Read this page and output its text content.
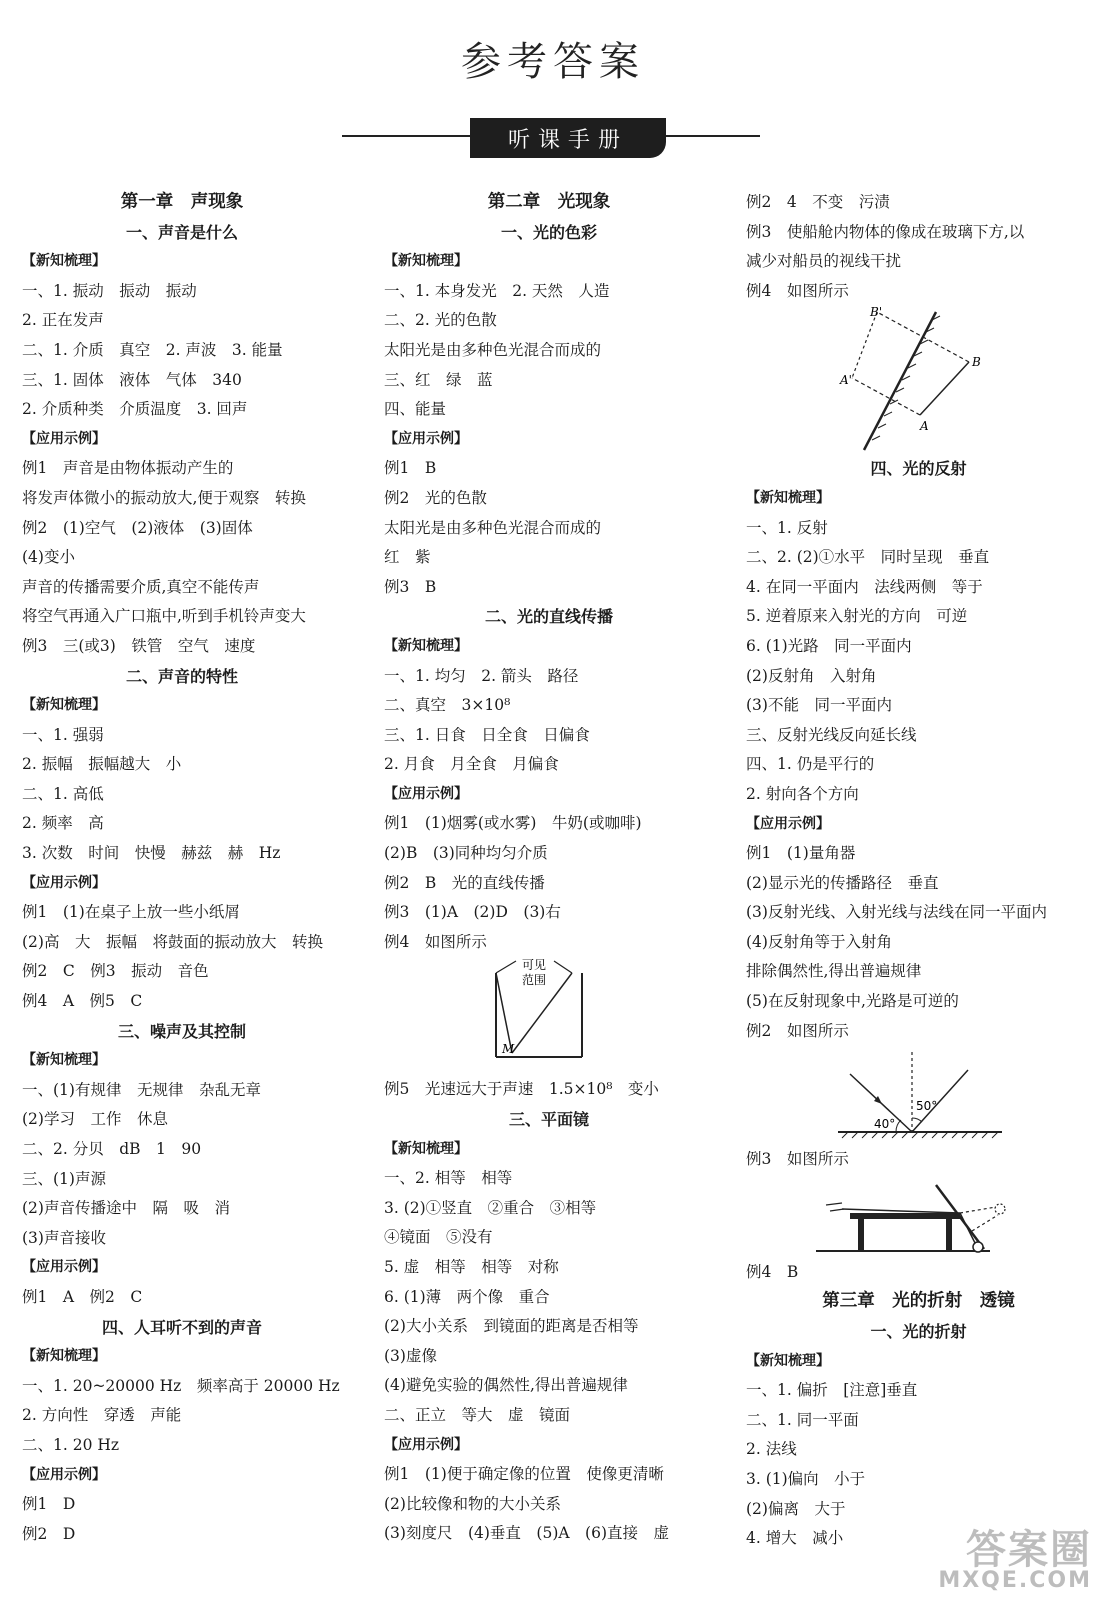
参考答案
听课手册
第一章　声现象
一、声音是什么
【新知梳理】
一、1. 振动　振动　振动
2. 正在发声
二、1. 介质　真空　2. 声波　3. 能量
三、1. 固体　液体　气体　340
2. 介质种类　介质温度　3. 回声
【应用示例】
例1　声音是由物体振动产生的
将发声体微小的振动放大,便于观察　转换
例2　(1)空气　(2)液体　(3)固体
(4)变小
声音的传播需要介质,真空不能传声
将空气再通入广口瓶中,听到手机铃声变大
例3　三(或3)　铁管　空气　速度
二、声音的特性
【新知梳理】
一、1. 强弱
2. 振幅　振幅越大　小
二、1. 高低
2. 频率　高
3. 次数　时间　快慢　赫兹　赫　Hz
【应用示例】
例1　(1)在桌子上放一些小纸屑
(2)高　大　振幅　将鼓面的振动放大　转换
例2　C　例3　振动　音色
例4　A　例5　C
三、噪声及其控制
【新知梳理】
一、(1)有规律　无规律　杂乱无章
(2)学习　工作　休息
二、2. 分贝　dB　1　90
三、(1)声源
(2)声音传播途中　隔　吸　消
(3)声音接收
【应用示例】
例1　A　例2　C
四、人耳听不到的声音
【新知梳理】
一、1. 20~20000 Hz　频率高于 20000 Hz
2. 方向性　穿透　声能
二、1. 20 Hz
【应用示例】
例1　D
例2　D
第二章　光现象
一、光的色彩
【新知梳理】
一、1. 本身发光　2. 天然　人造
二、2. 光的色散
太阳光是由多种色光混合而成的
三、红　绿　蓝
四、能量
【应用示例】
例1　B
例2　光的色散
太阳光是由多种色光混合而成的
红　紫
例3　B
二、光的直线传播
【新知梳理】
一、1. 均匀　2. 箭头　路径
二、真空　3×10⁸
三、1. 日食　日全食　日偏食
2. 月食　月全食　月偏食
【应用示例】
例1　(1)烟雾(或水雾)　牛奶(或咖啡)
(2)B　(3)同种均匀介质
例2　B　光的直线传播
例3　(1)A　(2)D　(3)右
例4　如图所示
可见
范围
M
例5　光速远大于声速　1.5×10⁸　变小
三、平面镜
【新知梳理】
一、2. 相等　相等
3. (2)①竖直　②重合　③相等
④镜面　⑤没有
5. 虚　相等　相等　对称
6. (1)薄　两个像　重合
(2)大小关系　到镜面的距离是否相等
(3)虚像
(4)避免实验的偶然性,得出普遍规律
二、正立　等大　虚　镜面
【应用示例】
例1　(1)便于确定像的位置　使像更清晰
(2)比较像和物的大小关系
(3)刻度尺　(4)垂直　(5)A　(6)直接　虚
例2　4　不变　污渍
例3　使船舱内物体的像成在玻璃下方,以
减少对船员的视线干扰
例4　如图所示
B'
B
A'
A
四、光的反射
【新知梳理】
一、1. 反射
二、2. (2)①水平　同时呈现　垂直
4. 在同一平面内　法线两侧　等于
5. 逆着原来入射光的方向　可逆
6. (1)光路　同一平面内
(2)反射角　入射角
(3)不能　同一平面内
三、反射光线反向延长线
四、1. 仍是平行的
2. 射向各个方向
【应用示例】
例1　(1)量角器
(2)显示光的传播路径　垂直
(3)反射光线、入射光线与法线在同一平面内
(4)反射角等于入射角
排除偶然性,得出普遍规律
(5)在反射现象中,光路是可逆的
例2　如图所示
50°
40°
例3　如图所示
例4　B
第三章　光的折射　透镜
一、光的折射
【新知梳理】
一、1. 偏折　[注意]垂直
二、1. 同一平面
2. 法线
3. (1)偏向　小于
(2)偏离　大于
4. 增大　减小	答案圈
MXQE.COM
